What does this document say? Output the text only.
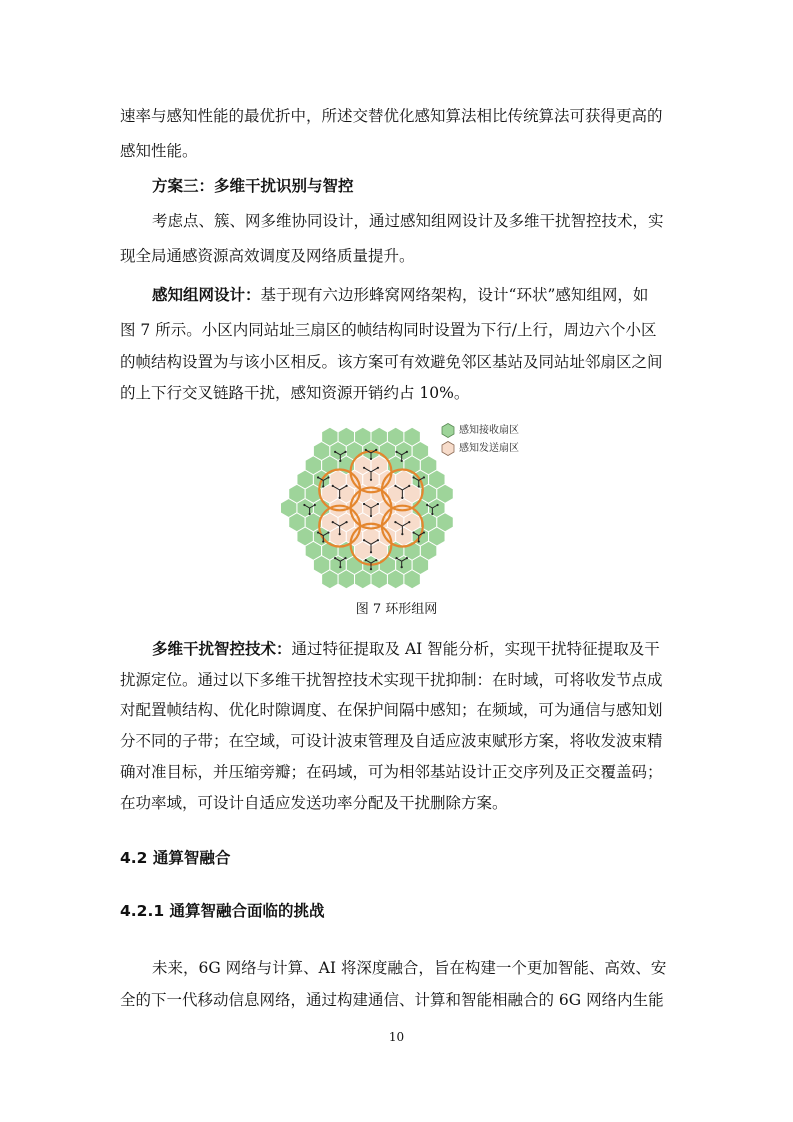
速率与感知性能的最优折中，所述交替优化感知算法相比传统算法可获得更高的
感知性能。
方案三：多维干扰识别与智控
考虑点、簇、网多维协同设计，通过感知组网设计及多维干扰智控技术，实
现全局通感资源高效调度及网络质量提升。
感知组网设计：基于现有六边形蜂窝网络架构，设计“环状”感知组网，如
图 7 所示。小区内同站址三扇区的帧结构同时设置为下行/上行，周边六个小区
的帧结构设置为与该小区相反。该方案可有效避免邻区基站及同站址邻扇区之间
的上下行交叉链路干扰，感知资源开销约占 10%。
感知接收扇区
感知发送扇区
图 7 环形组网
多维干扰智控技术：通过特征提取及 AI 智能分析，实现干扰特征提取及干
扰源定位。通过以下多维干扰智控技术实现干扰抑制：在时域，可将收发节点成
对配置帧结构、优化时隙调度、在保护间隔中感知；在频域，可为通信与感知划
分不同的子带；在空域，可设计波束管理及自适应波束赋形方案，将收发波束精
确对准目标，并压缩旁瓣；在码域，可为相邻基站设计正交序列及正交覆盖码；
在功率域，可设计自适应发送功率分配及干扰删除方案。
4.2 通算智融合
4.2.1 通算智融合面临的挑战
未来，6G 网络与计算、AI 将深度融合，旨在构建一个更加智能、高效、安
全的下一代移动信息网络，通过构建通信、计算和智能相融合的 6G 网络内生能
10
